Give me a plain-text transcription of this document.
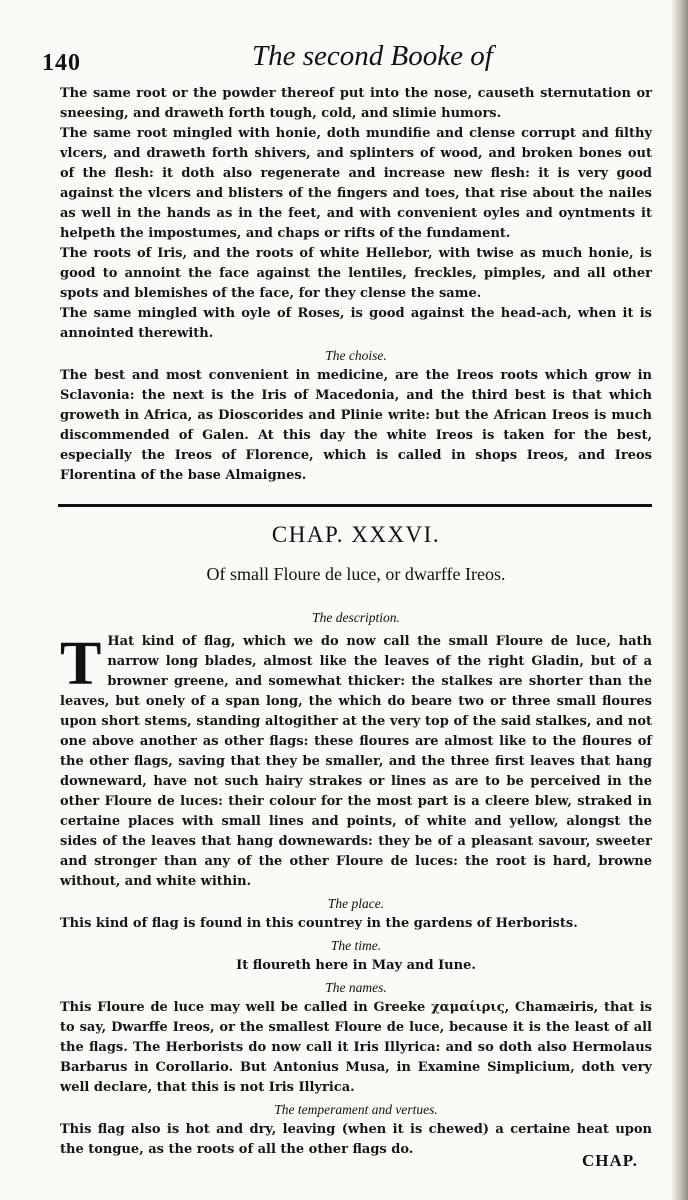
140	The second Booke of

The same root or the powder thereof put into the nose, causeth sternutation or sneesing, and draweth forth tough, cold, and slimie humors.

The same root mingled with honie, doth mundifie and clense corrupt and filthy vlcers, and draweth forth shivers, and splinters of wood, and broken bones out of the flesh: it doth also regenerate and increase new flesh: it is very good against the vlcers and blisters of the fingers and toes, that rise about the nailes as well in the hands as in the feet, and with convenient oyles and oyntments it helpeth the impostumes, and chaps or rifts of the fundament.

The roots of Iris, and the roots of white Hellebor, with twise as much honie, is good to annoint the face against the lentiles, freckles, pimples, and all other spots and blemishes of the face, for they clense the same.

The same mingled with oyle of Roses, is good against the head-ach, when it is annointed therewith.

The choise.

The best and most convenient in medicine, are the Ireos roots which grow in Sclavonia: the next is the Iris of Macedonia, and the third best is that which groweth in Africa, as Dioscorides and Plinie write: but the African Ireos is much discommended of Galen. At this day the white Ireos is taken for the best, especially the Ireos of Florence, which is called in shops Ireos, and Ireos Florentina of the base Almaignes.

CHAP. XXXVI.
Of small Floure de luce, or dwarffe Ireos.

The description.

T Hat kind of flag, which we do now call the small Floure de luce, hath narrow long blades, almost like the leaves of the right Gladin, but of a browner greene, and somewhat thicker: the stalkes are shorter than the leaves, but onely of a span long, the which do beare two or three small floures upon short stems, standing altogither at the very top of the said stalkes, and not one above another as other flags: these floures are almost like to the floures of the other flags, saving that they be smaller, and the three first leaves that hang downeward, have not such hairy strakes or lines as are to be perceived in the other Floure de luces: their colour for the most part is a cleere blew, straked in certaine places with small lines and points, of white and yellow, alongst the sides of the leaves that hang downewards: they be of a pleasant savour, sweeter and stronger than any of the other Floure de luces: the root is hard, browne without, and white within.

The place.

This kind of flag is found in this countrey in the gardens of Herborists.

The time.

It floureth here in May and Iune.

The names.

This Floure de luce may well be called in Greeke χαμαίιρις, Chamæiris, that is to say, Dwarffe Ireos, or the smallest Floure de luce, because it is the least of all the flags. The Herborists do now call it Iris Illyrica: and so doth also Hermolaus Barbarus in Corollario. But Antonius Musa, in Examine Simplicium, doth very well declare, that this is not Iris Illyrica.

The temperament and vertues.

This flag also is hot and dry, leaving (when it is chewed) a certaine heat upon the tongue, as the roots of all the other flags do.

CHAP.
